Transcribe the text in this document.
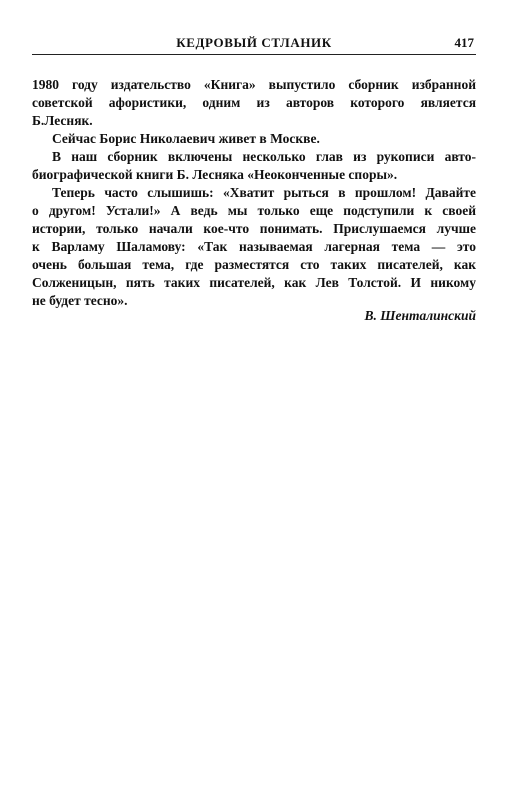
КЕДРОВЫЙ СТЛАНИК	417
1980 году издательство «Книга» выпустило сборник избранной
советской афористики, одним из авторов которого является
Б.Лесняк.
Сейчас Борис Николаевич живет в Москве.
В наш сборник включены несколько глав из рукописи авто-
биографической книги Б. Лесняка «Неоконченные споры».
Теперь часто слышишь: «Хватит рыться в прошлом! Давайте
о другом! Устали!» А ведь мы только еще подступили к своей
истории, только начали кое-что понимать. Прислушаемся лучше
к Варламу Шаламову: «Так называемая лагерная тема — это
очень большая тема, где разместятся сто таких писателей, как
Солженицын, пять таких писателей, как Лев Толстой. И никому
не будет тесно».
В. Шенталинский
